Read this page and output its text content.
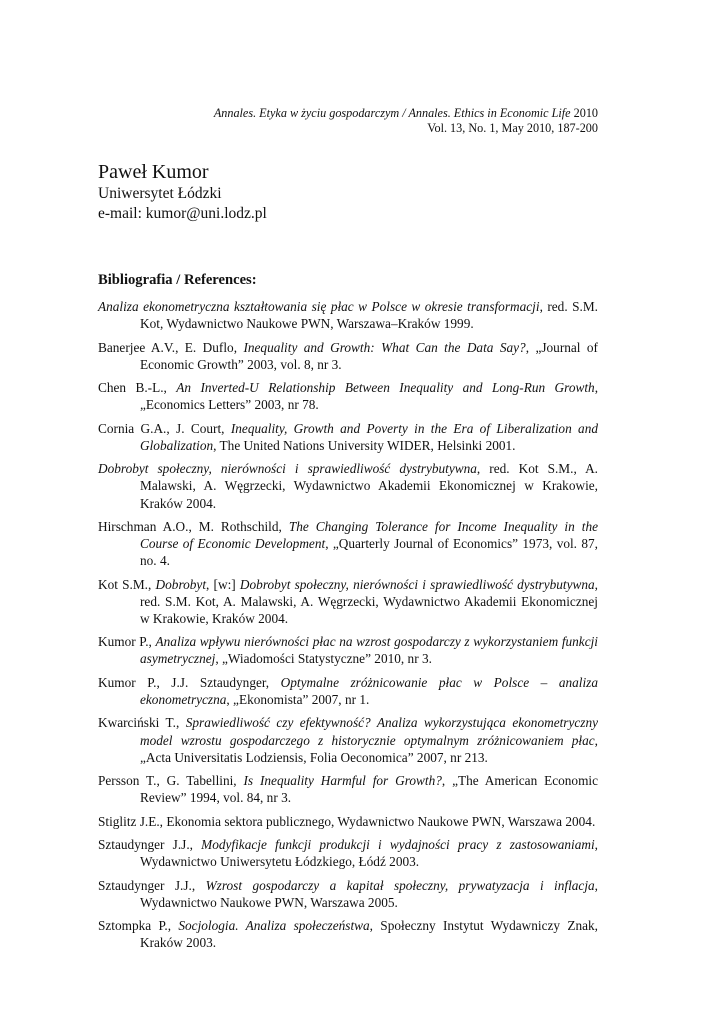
Annales. Etyka w życiu gospodarczym / Annales. Ethics in Economic Life 2010
Vol. 13, No. 1, May 2010, 187-200

Paweł Kumor

Uniwersytet Łódzki

e-mail: kumor@uni.lodz.pl

Bibliografia / References:
Analiza ekonometryczna kształtowania się płac w Polsce w okresie transformacji, red. S.M. Kot, Wydawnictwo Naukowe PWN, Warszawa–Kraków 1999.
Banerjee A.V., E. Duflo, Inequality and Growth: What Can the Data Say?, „Journal of Economic Growth” 2003, vol. 8, nr 3.
Chen B.-L., An Inverted-U Relationship Between Inequality and Long-Run Growth, „Economics Letters” 2003, nr 78.
Cornia G.A., J. Court, Inequality, Growth and Poverty in the Era of Liberalization and Globalization, The United Nations University WIDER, Helsinki 2001.
Dobrobyt społeczny, nierówności i sprawiedliwość dystrybutywna, red. Kot S.M., A. Malawski, A. Węgrzecki, Wydawnictwo Akademii Ekonomicznej w Krakowie, Kraków 2004.
Hirschman A.O., M. Rothschild, The Changing Tolerance for Income Inequality in the Course of Economic Development, „Quarterly Journal of Economics” 1973, vol. 87, no. 4.
Kot S.M., Dobrobyt, [w:] Dobrobyt społeczny, nierówności i sprawiedliwość dystrybutywna, red. S.M. Kot, A. Malawski, A. Węgrzecki, Wydawnictwo Akademii Ekonomicznej w Krakowie, Kraków 2004.
Kumor P., Analiza wpływu nierówności płac na wzrost gospodarczy z wykorzystaniem funkcji asymetrycznej, „Wiadomości Statystyczne” 2010, nr 3.
Kumor P., J.J. Sztaudynger, Optymalne zróżnicowanie płac w Polsce – analiza ekonometryczna, „Ekonomista” 2007, nr 1.
Kwarciński T., Sprawiedliwość czy efektywność? Analiza wykorzystująca ekonometryczny model wzrostu gospodarczego z historycznie optymalnym zróżnicowaniem płac, „Acta Universitatis Lodziensis, Folia Oeconomica” 2007, nr 213.
Persson T., G. Tabellini, Is Inequality Harmful for Growth?, „The American Economic Review” 1994, vol. 84, nr 3.
Stiglitz J.E., Ekonomia sektora publicznego, Wydawnictwo Naukowe PWN, Warszawa 2004.
Sztaudynger J.J., Modyfikacje funkcji produkcji i wydajności pracy z zastosowaniami, Wydawnictwo Uniwersytetu Łódzkiego, Łódź 2003.
Sztaudynger J.J., Wzrost gospodarczy a kapitał społeczny, prywatyzacja i inflacja, Wydawnictwo Naukowe PWN, Warszawa 2005.
Sztompka P., Socjologia. Analiza społeczeństwa, Społeczny Instytut Wydawniczy Znak, Kraków 2003.
